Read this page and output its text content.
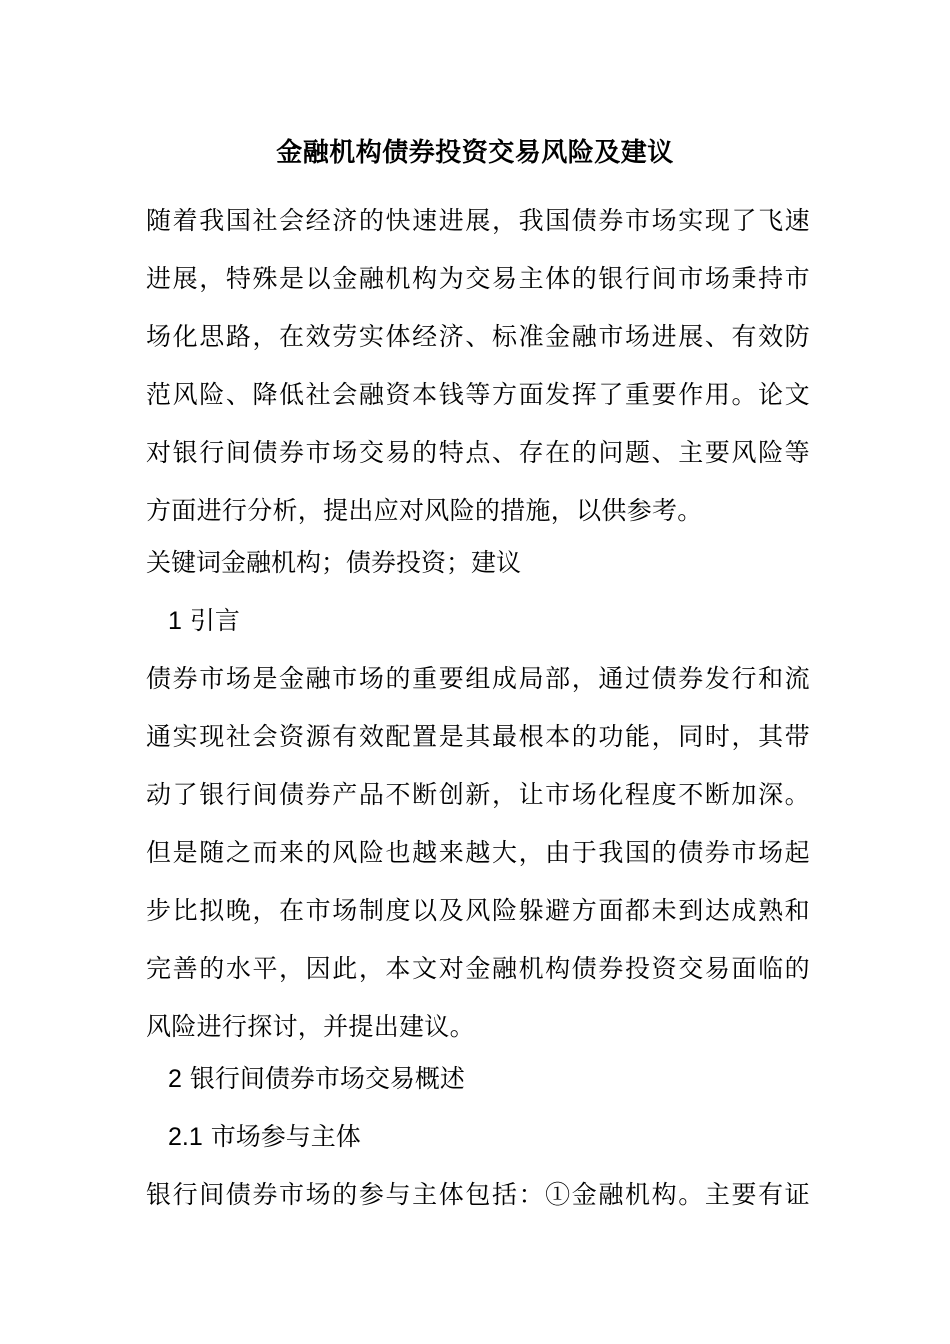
金融机构债券投资交易风险及建议
随着我国社会经济的快速进展，我国债券市场实现了飞速
进展，特殊是以金融机构为交易主体的银行间市场秉持市
场化思路，在效劳实体经济、标准金融市场进展、有效防
范风险、降低社会融资本钱等方面发挥了重要作用。论文
对银行间债券市场交易的特点、存在的问题、主要风险等
方面进行分析，提出应对风险的措施，以供参考。

关键词金融机构；债券投资；建议

1 引言

债券市场是金融市场的重要组成局部，通过债券发行和流
通实现社会资源有效配置是其最根本的功能，同时，其带
动了银行间债券产品不断创新，让市场化程度不断加深。
但是随之而来的风险也越来越大，由于我国的债券市场起
步比拟晚，在市场制度以及风险躲避方面都未到达成熟和
完善的水平，因此，本文对金融机构债券投资交易面临的
风险进行探讨，并提出建议。

2 银行间债券市场交易概述

2.1 市场参与主体

银行间债券市场的参与主体包括：①金融机构。主要有证
